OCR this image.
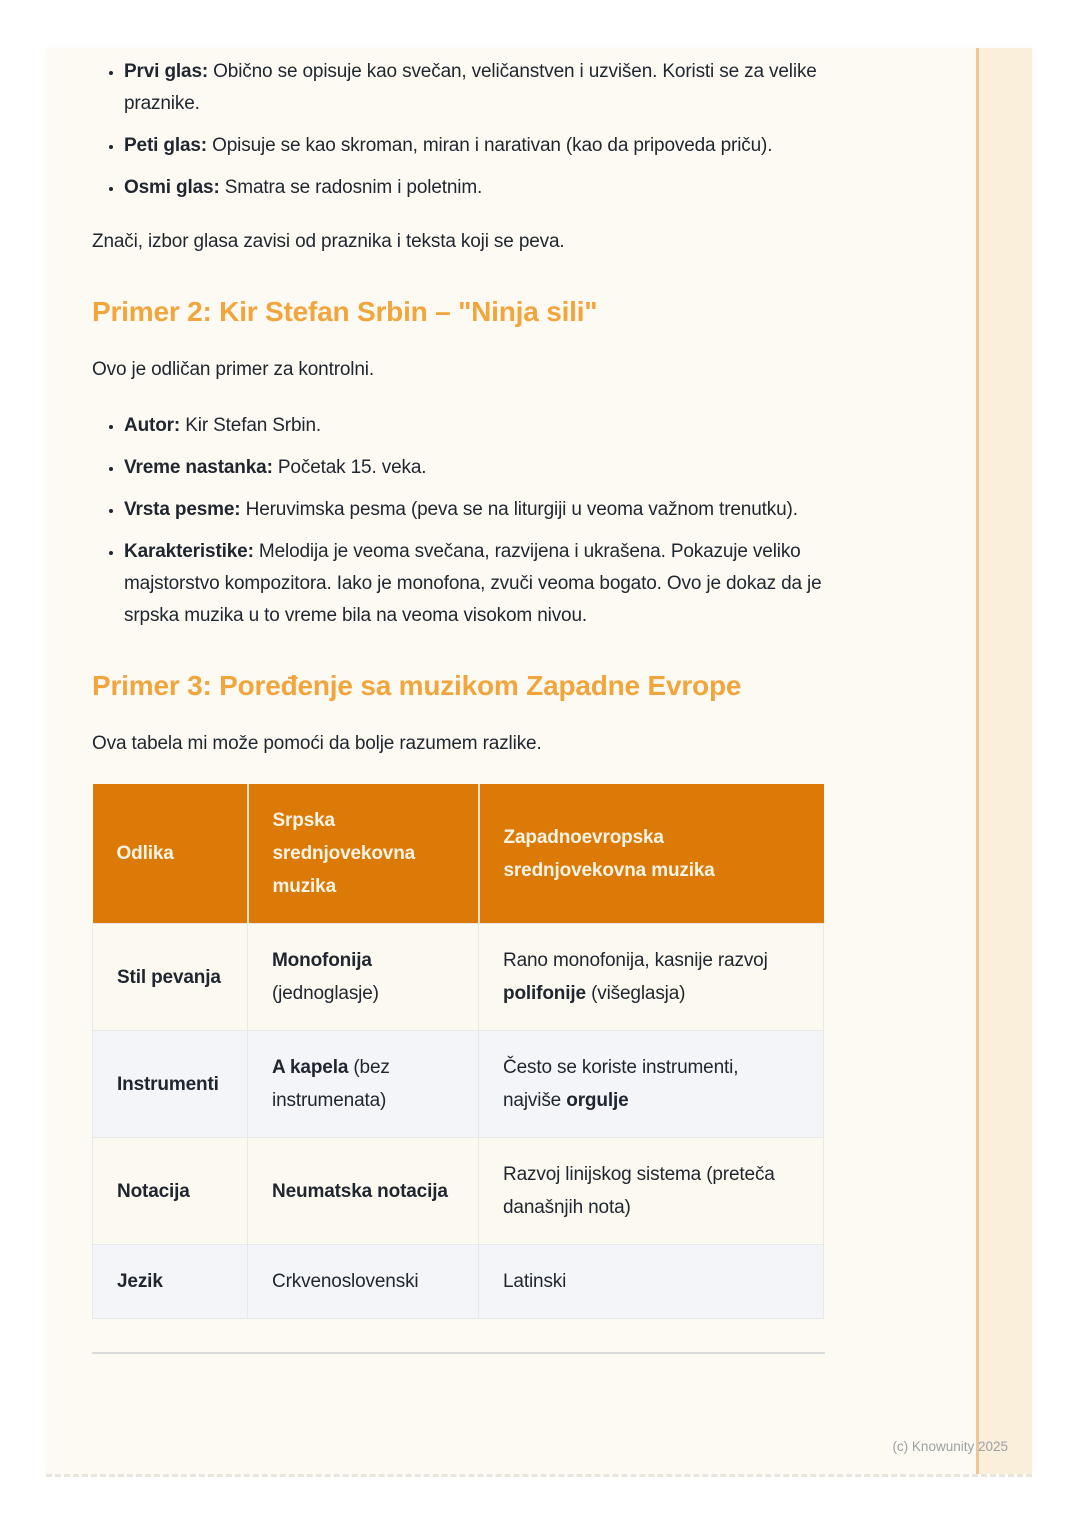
• Prvi glas: Obično se opisuje kao svečan, veličanstven i uzvišen. Koristi se za velike praznike.
• Peti glas: Opisuje se kao skroman, miran i narativan (kao da pripoveda priču).
• Osmi glas: Smatra se radosnim i poletnim.

Znači, izbor glasa zavisi od praznika i teksta koji se peva.

Primer 2: Kir Stefan Srbin – "Ninja sili"

Ovo je odličan primer za kontrolni.

• Autor: Kir Stefan Srbin.
• Vreme nastanka: Početak 15. veka.
• Vrsta pesme: Heruvimska pesma (peva se na liturgiji u veoma važnom trenutku).
• Karakteristike: Melodija je veoma svečana, razvijena i ukrašena. Pokazuje veliko majstorstvo kompozitora. Iako je monofona, zvuči veoma bogato. Ovo je dokaz da je srpska muzika u to vreme bila na veoma visokom nivou.
Primer 3: Poređenje sa muzikom Zapadne Evrope

Ova tabela mi može pomoći da bolje razumem razlike.

Odlika	Srpska srednjovekovna muzika	Zapadnoevropska srednjovekovna muzika
Stil pevanja	Monofonija (jednoglasje)	Rano monofonija, kasnije razvoj polifonije (višeglasja)
Instrumenti	A kapela (bez instrumenata)	Često se koriste instrumenti, najviše orgulje
Notacija	Neumatska notacija	Razvoj linijskog sistema (preteča današnjih nota)
Jezik	Crkvenoslovenski	Latinski
(c) Knowunity 2025
